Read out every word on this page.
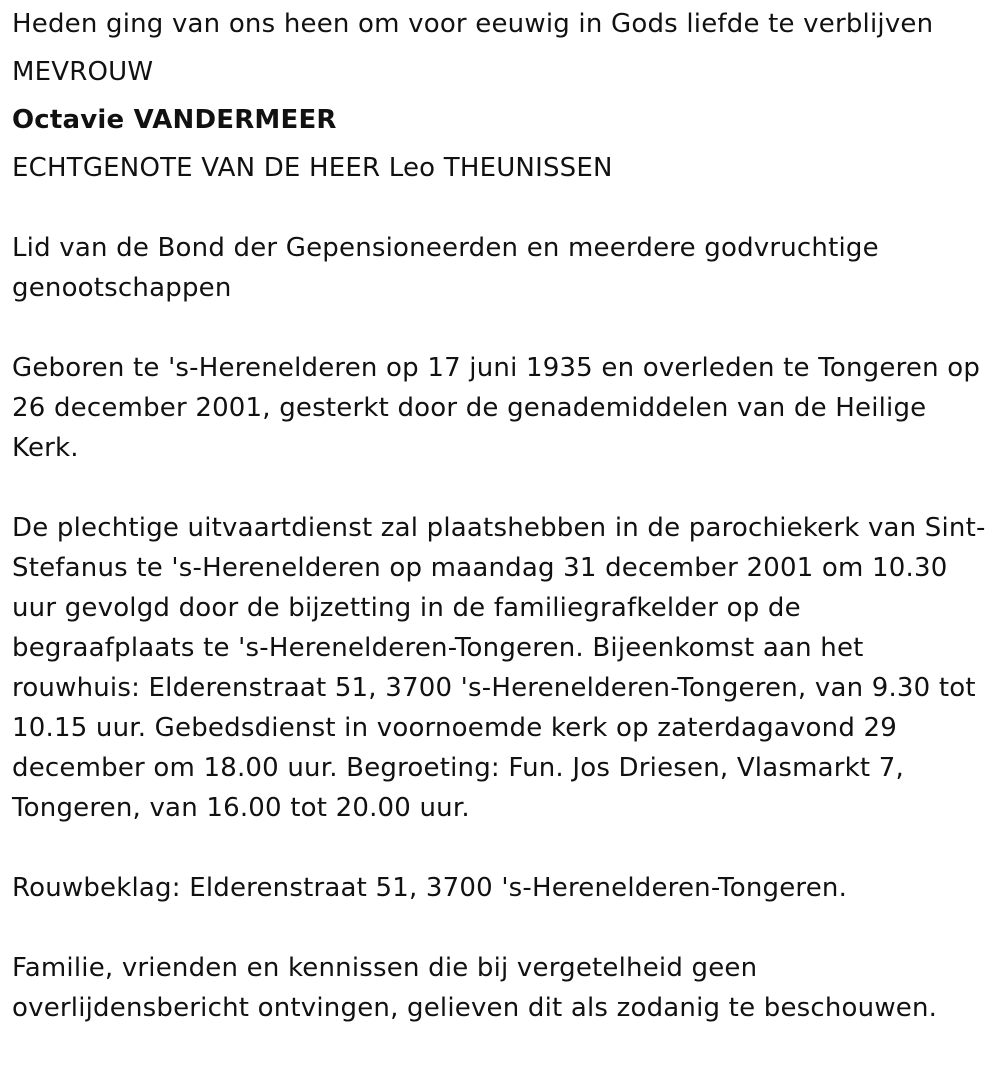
Heden ging van ons heen om voor eeuwig in Gods liefde te verblijven

MEVROUW

Octavie VANDERMEER

ECHTGENOTE VAN DE HEER Leo THEUNISSEN

Lid van de Bond der Gepensioneerden en meerdere godvruchtige genootschappen

Geboren te 's-Herenelderen op 17 juni 1935 en overleden te Tongeren op 26 december 2001, gesterkt door de genademiddelen van de Heilige Kerk.

De plechtige uitvaartdienst zal plaatshebben in de parochiekerk van Sint-Stefanus te 's-Herenelderen op maandag 31 december 2001 om 10.30 uur gevolgd door de bijzetting in de familiegrafkelder op de begraafplaats te 's-Herenelderen-Tongeren. Bijeenkomst aan het rouwhuis: Elderenstraat 51, 3700 's-Herenelderen-Tongeren, van 9.30 tot 10.15 uur. Gebedsdienst in voornoemde kerk op zaterdagavond 29 december om 18.00 uur. Begroeting: Fun. Jos Driesen, Vlasmarkt 7, Tongeren, van 16.00 tot 20.00 uur.

Rouwbeklag: Elderenstraat 51, 3700 's-Herenelderen-Tongeren.

Familie, vrienden en kennissen die bij vergetelheid geen overlijdensbericht ontvingen, gelieven dit als zodanig te beschouwen.
